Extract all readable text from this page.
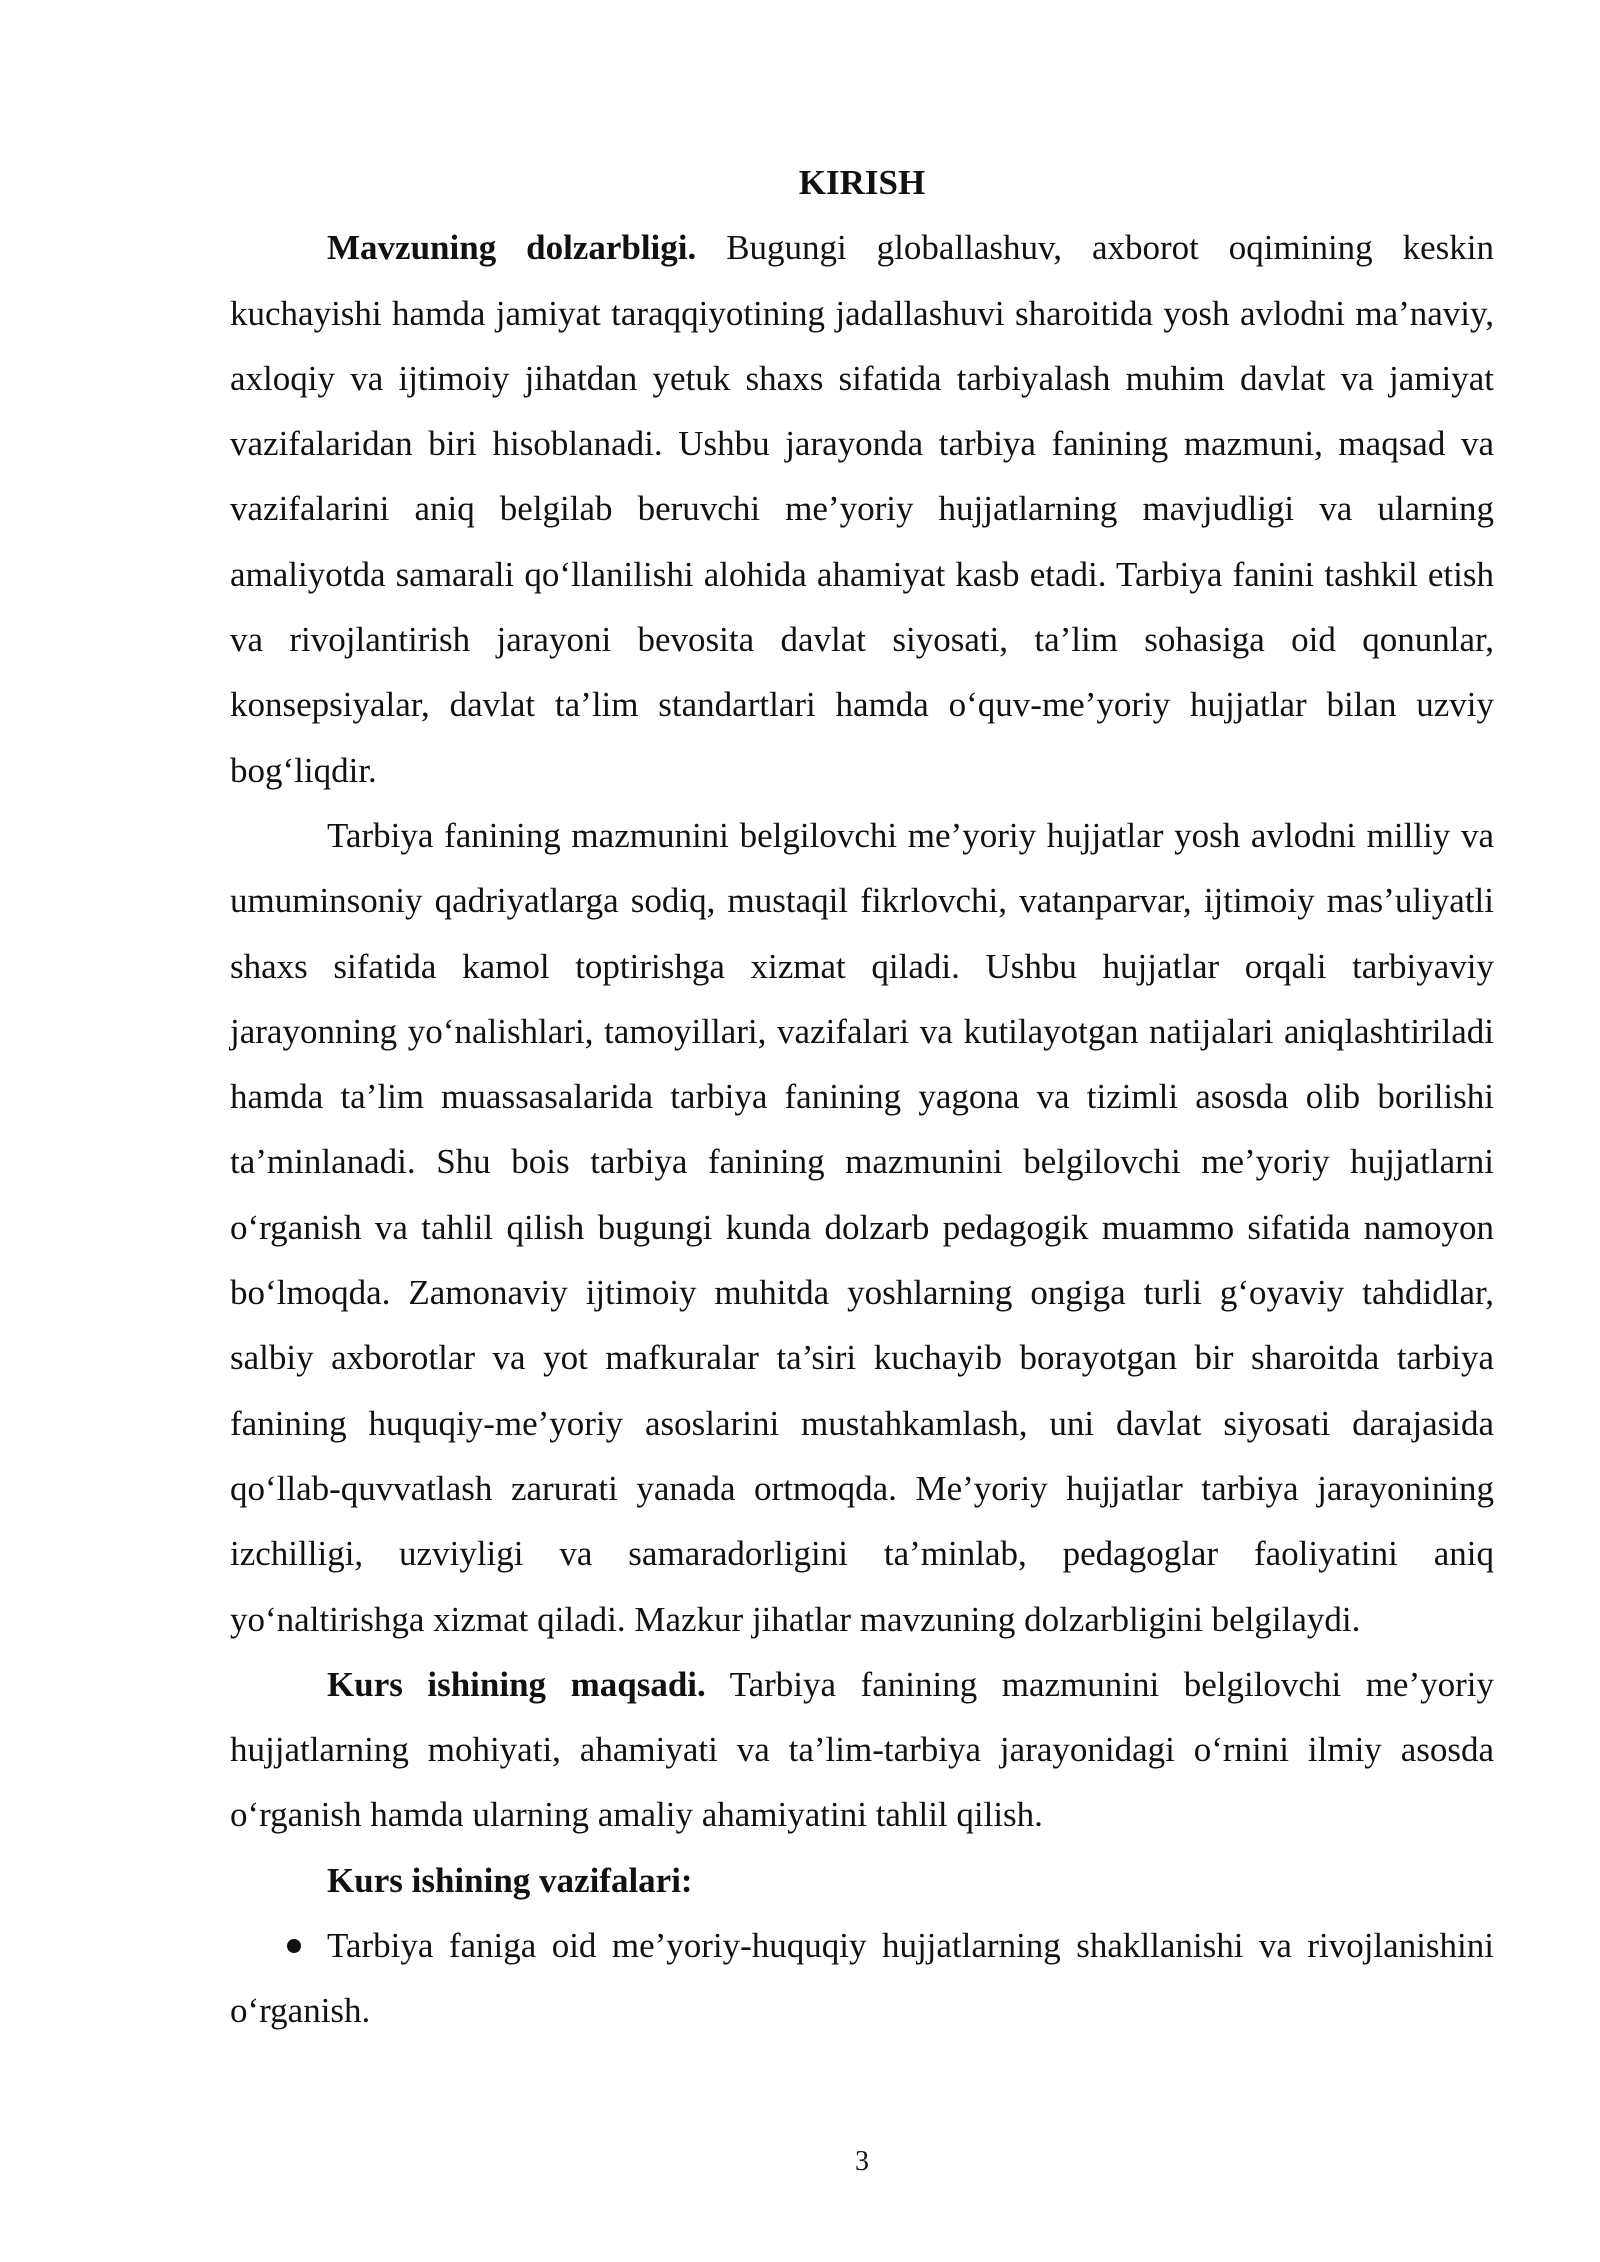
KIRISH

Mavzuning dolzarbligi. Bugungi globallashuv, axborot oqimining keskin kuchayishi hamda jamiyat taraqqiyotining jadallashuvi sharoitida yosh avlodni ma’naviy, axloqiy va ijtimoiy jihatdan yetuk shaxs sifatida tarbiyalash muhim davlat va jamiyat vazifalaridan biri hisoblanadi. Ushbu jarayonda tarbiya fanining mazmuni, maqsad va vazifalarini aniq belgilab beruvchi me’yoriy hujjatlarning mavjudligi va ularning amaliyotda samarali qo‘llanilishi alohida ahamiyat kasb etadi. Tarbiya fanini tashkil etish va rivojlantirish jarayoni bevosita davlat siyosati, ta’lim sohasiga oid qonunlar, konsepsiyalar, davlat ta’lim standartlari hamda o‘quv-me’yoriy hujjatlar bilan uzviy bog‘liqdir.

Tarbiya fanining mazmunini belgilovchi me’yoriy hujjatlar yosh avlodni milliy va umuminsoniy qadriyatlarga sodiq, mustaqil fikrlovchi, vatanparvar, ijtimoiy mas’uliyatli shaxs sifatida kamol toptirishga xizmat qiladi. Ushbu hujjatlar orqali tarbiyaviy jarayonning yo‘nalishlari, tamoyillari, vazifalari va kutilayotgan natijalari aniqlashtiriladi hamda ta’lim muassasalarida tarbiya fanining yagona va tizimli asosda olib borilishi ta’minlanadi. Shu bois tarbiya fanining mazmunini belgilovchi me’yoriy hujjatlarni o‘rganish va tahlil qilish bugungi kunda dolzarb pedagogik muammo sifatida namoyon bo‘lmoqda. Zamonaviy ijtimoiy muhitda yoshlarning ongiga turli g‘oyaviy tahdidlar, salbiy axborotlar va yot mafkuralar ta’siri kuchayib borayotgan bir sharoitda tarbiya fanining huquqiy-me’yoriy asoslarini mustahkamlash, uni davlat siyosati darajasida qo‘llab-quvvatlash zarurati yanada ortmoqda. Me’yoriy hujjatlar tarbiya jarayonining izchilligi, uzviyligi va samaradorligini ta’minlab, pedagoglar faoliyatini aniq yo‘naltirishga xizmat qiladi. Mazkur jihatlar mavzuning dolzarbligini belgilaydi.

Kurs ishining maqsadi. Tarbiya fanining mazmunini belgilovchi me’yoriy hujjatlarning mohiyati, ahamiyati va ta’lim-tarbiya jarayonidagi o‘rnini ilmiy asosda o‘rganish hamda ularning amaliy ahamiyatini tahlil qilish.

Kurs ishining vazifalari:
Tarbiya faniga oid me’yoriy-huquqiy hujjatlarning shakllanishi va rivojlanishini o‘rganish.
3
